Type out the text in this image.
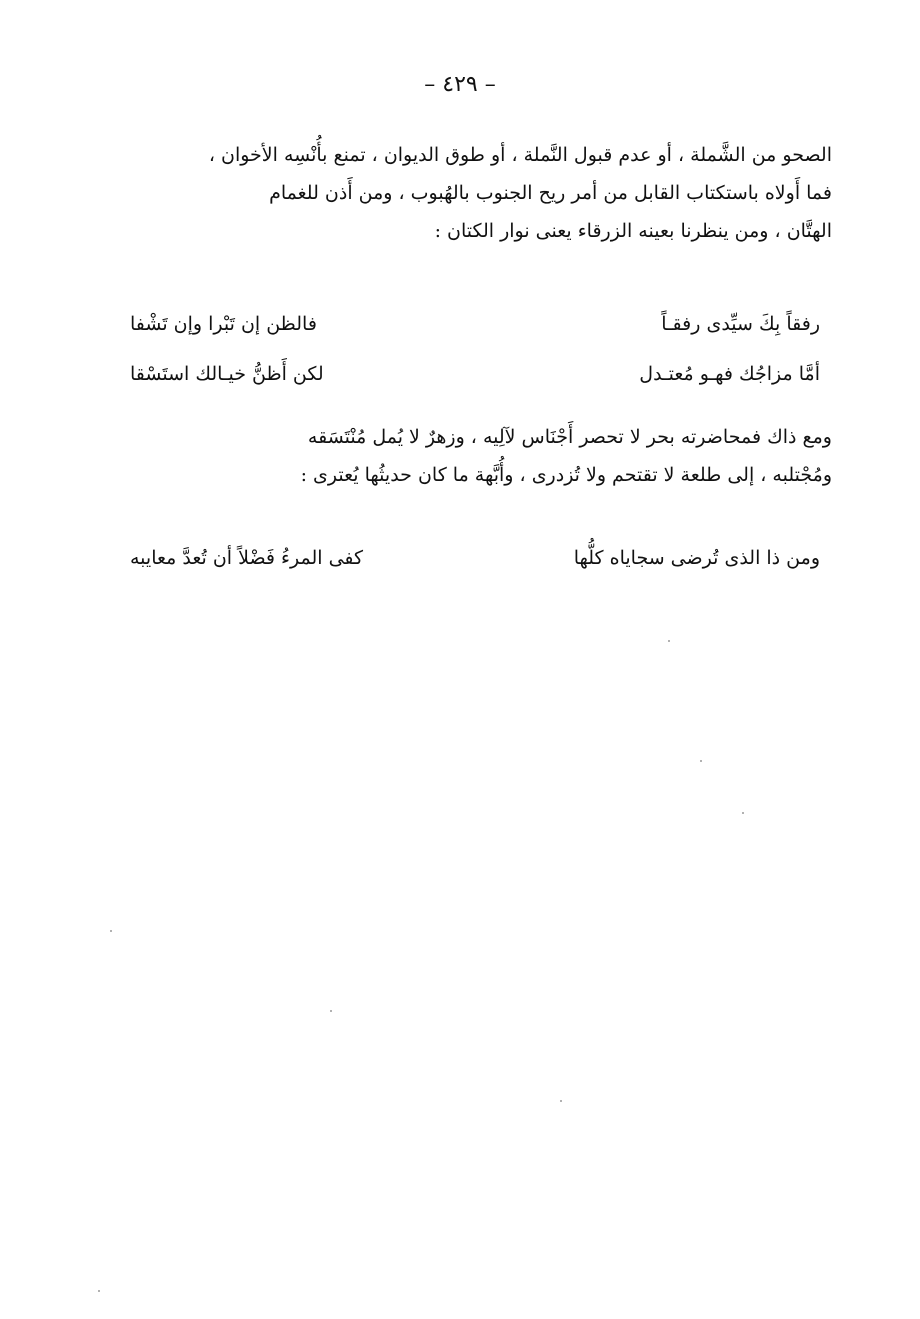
– ٤٢٩ –

الصحو من الشَّملة ، أو عدم قبول النَّملة ، أو طوق الديوان ، تمنع بأُنْسِه الأخوان ،

فما أَولاه باستكتاب القابل من أمر ريح الجنوب بالهُبوب ، ومن أَذن للغمام

الهتَّان ، ومن ينظرنا بعينه الزرقاء يعنى نوار الكتان :

رفقاً بِكَ سيِّدى رفقـاً
فالظن إن تَبْرا وإن تَشْفا
أمَّا مزاجُك فهـو مُعتـدل
لكن أَظنُّ خيـالك استَسْقا

ومع ذاك فمحاضرته بحر لا تحصر أَجْنَاس لآلِيه ، وزهرٌ لا يُمل مُنْتَسَقه

ومُجْتلبه ، إلى طلعة لا تقتحم ولا تُزدرى ، وأُبَّهة ما كان حديثُها يُعترى :

ومن ذا الذى تُرضى سجاياه كلُّها
كفى المرءُ فَضْلاً أن تُعدَّ معايبه
